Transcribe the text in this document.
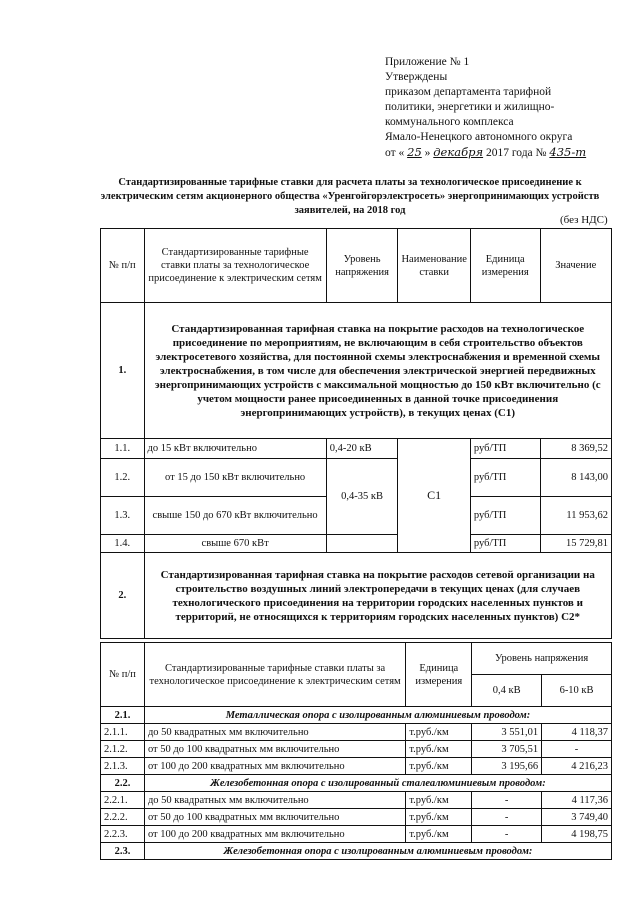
Приложение № 1
Утверждены
приказом департамента тарифной
политики, энергетики и жилищно-
коммунального комплекса
Ямало-Ненецкого автономного округа
от « 25 » декабря 2017 года № 435-т
Стандартизированные тарифные ставки для расчета платы за технологическое присоединение к электрическим сетям акционерного общества «Уренгойгорэлектросеть» энергопринимающих устройств заявителей, на 2018 год
(без НДС)
№ п/п	Стандартизированные тарифные ставки платы за технологическое присоединение к электрическим сетям	Уровень напряжения	Наименование ставки	Единица измерения	Значение
1.	Стандартизированная тарифная ставка на покрытие расходов на технологическое присоединение по мероприятиям, не включающим в себя строительство объектов электросетевого хозяйства, для постоянной схемы электроснабжения и временной схемы электроснабжения, в том числе для обеспечения электрической энергией передвижных энергопринимающих устройств с максимальной мощностью до 150 кВт включительно (с учетом мощности ранее присоединенных в данной точке присоединения энергопринимающих устройств), в текущих ценах (С1)				
1.1.	до 15 кВт включительно	0,4-20 кВ	С1	руб/ТП	8 369,52
1.2.	от 15 до 150 кВт включительно	0,4-35 кВ		руб/ТП	8 143,00
1.3.	свыше 150 до 670 кВт включительно			руб/ТП	11 953,62
1.4.	свыше 670 кВт			руб/ТП	15 729,81
2.	Стандартизированная тарифная ставка на покрытие расходов сетевой организации на строительство воздушных линий электропередачи в текущих ценах (для случаев технологического присоединения на территории городских населенных пунктов и территорий, не относящихся к территориям городских населенных пунктов) С2*				
№ п/п	Стандартизированные тарифные ставки платы за технологическое присоединение к электрическим сетям	Единица измерения	Уровень напряжения	
			0,4 кВ	6-10 кВ
2.1.	Металлическая опора с изолированным алюминиевым проводом:			
2.1.1.	до 50 квадратных мм включительно	т.руб./км	3 551,01	4 118,37
2.1.2.	от 50 до 100 квадратных мм включительно	т.руб./км	3 705,51	-
2.1.3.	от 100 до 200 квадратных мм включительно	т.руб./км	3 195,66	4 216,23
2.2.	Железобетонная опора с изолированный сталеалюминиевым проводом:			
2.2.1.	до 50 квадратных мм включительно	т.руб./км	-	4 117,36
2.2.2.	от 50 до 100 квадратных мм включительно	т.руб./км	-	3 749,40
2.2.3.	от 100 до 200 квадратных мм включительно	т.руб./км	-	4 198,75
2.3.	Железобетонная опора с изолированным алюминиевым проводом:			
